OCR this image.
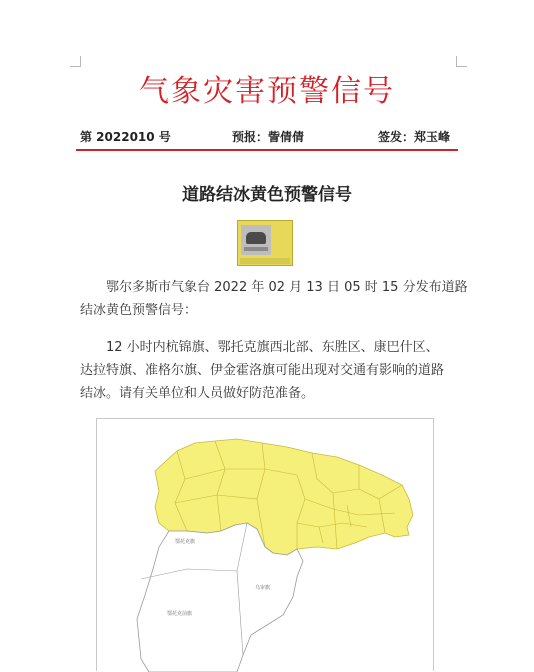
气象灾害预警信号
第 2022010 号	预报：訾倩倩	签发：郑玉峰
道路结冰黄色预警信号
鄂尔多斯市气象台 2022 年 02 月 13 日 05 时 15 分发布道路
结冰黄色预警信号：
12 小时内杭锦旗、鄂托克旗西北部、东胜区、康巴什区、
达拉特旗、准格尔旗、伊金霍洛旗可能出现对交通有影响的道路
结冰。请有关单位和人员做好防范准备。
鄂托克旗
鄂托克前旗
乌审旗
